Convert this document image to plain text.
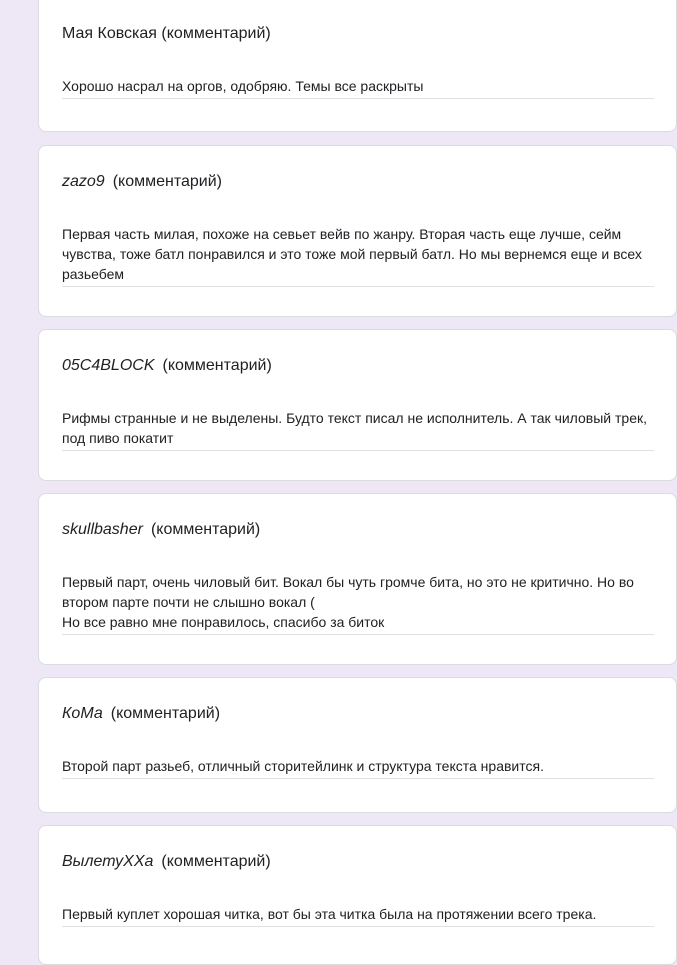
Мая Ковская (комментарий)
Хорошо насрал на оргов, одобряю. Темы все раскрыты
zazo9 (комментарий)
Первая часть милая, похоже на севьет вейв по жанру. Вторая часть еще лучше, сейм чувства, тоже батл понравился и это тоже мой первый батл. Но мы вернемся еще и всех разьебем
05C4BLOCK (комментарий)
Рифмы странные и не выделены. Будто текст писал не исполнитель. А так чиловый трек, под пиво покатит
skullbasher (комментарий)
Первый парт, очень чиловый бит. Вокал бы чуть громче бита, но это не критично. Но во втором парте почти не слышно вокал (
Но все равно мне понравилось, спасибо за биток
КоМа (комментарий)
Второй парт разьеб, отличный сторитейлинк и структура текста нравится.
ВылетуХХа (комментарий)
Первый куплет хорошая читка, вот бы эта читка была на протяжении всего трека.
